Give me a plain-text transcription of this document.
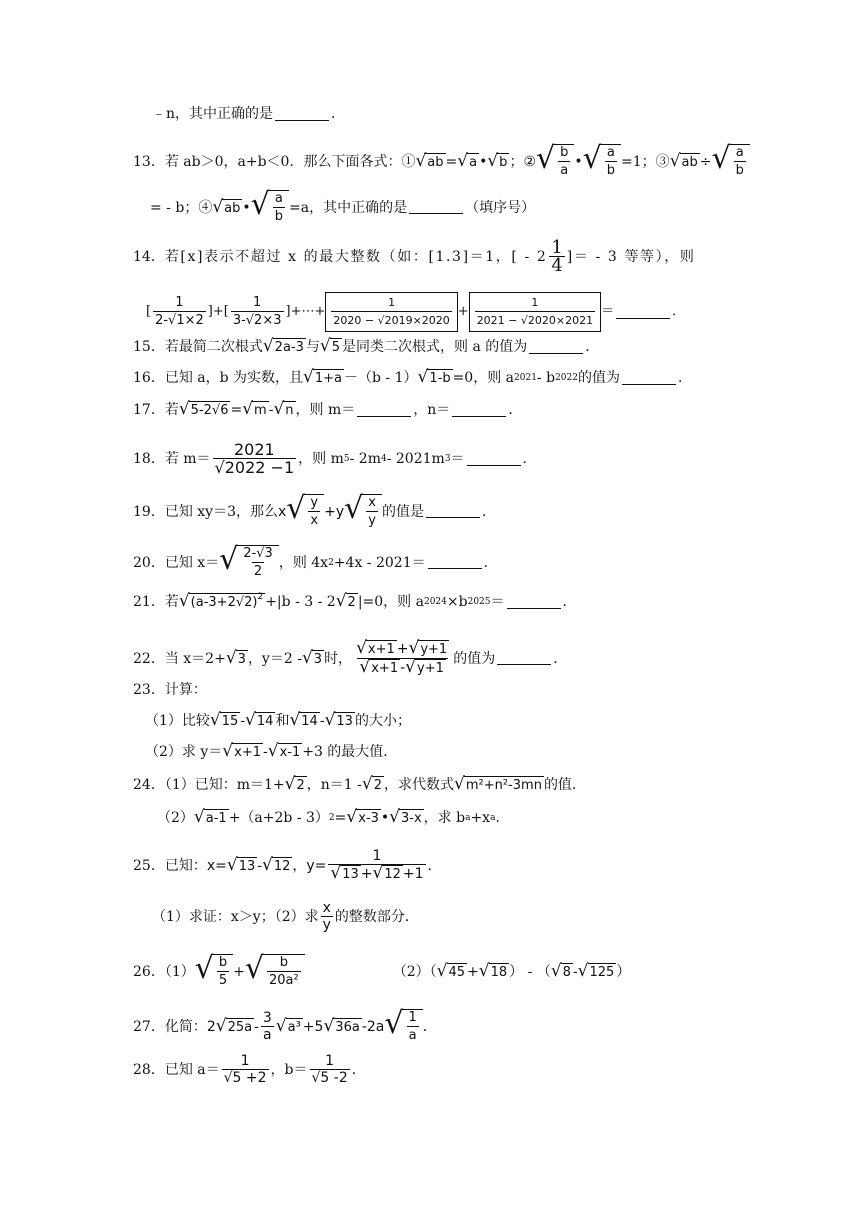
﹣n，其中正确的是	．
13． 若 ab＞0，a+b＜0．那么下面各式：① √ ab = √ a • √ b ； ② √ $\frac{b}{a}$ • √ $\frac{a}{b} =1$；③ √ ab ÷ √ $\frac{a}{b}$
= - b；④ √ ab • √ $\frac{a}{b} =a$，其中正确的是	（填序号）
14． 若[x]表示不超过 x 的最大整数（如：[1.3]＝1，[ - $2 \frac{1}{4}$ ]＝ - 3 等等），则
[ $\frac{1}{2-√1\times 2}$ ]+[ $\frac{1}{3-√2\times 3}$ ]+⋯+ $\frac{1}{2020 - √2019\times 2020} + \frac{1}{2021 - √2020\times 2021}$ ＝	．
15．若最简二次根式 √ 2a-3 与 √ 5 是同类二次根式，则 a 的值为	．
16．已知 a，b 为实数，且 √ 1+a －（b - 1） √ 1-b =0，则 a 2021 - b 2022 的值为	．
17．若 √ 5-2√6 = √ m - √ n ，则 m＝	，n＝	．
18．若 $m= \frac{2021}{√2022 -1}$ ，则 m 5 - 2m 4 - 2021m 3 ＝	．
19．已知 xy＝3，那么 x √ $\frac{y}{x} +y$ √ $\frac{x}{y}$ 的值是	．
20．已知 x＝ √ $\frac{2-√3}{2}$ ，则 4x 2 +4x - 2021＝	．
21．若 √ $(a-3+2√2)^2 +|b - 3 - 2$ √ 2 |=0，则 a 2024 ×b 2025 ＝	．
22．当 x＝2+ √ 3 ，y＝2 - √ 3 时， $\frac{√ x+1 + √ y+1}{√ x+1 - √ y+1}$ 的值为	．
23．计算：
（1）比较 √ 15 - √ 14 和 √ 14 - √ 13 的大小；
（2）求 y＝ √ x+1 - √ x-1 +3 的最大值．
24．（1）已知：m＝1+ √ 2 ，n＝1 - √ 2 ，求代数式 √ m²+n²-3mn 的值．
（2） √ a-1 +（a+2b - 3） 2 = √ x-3 • √ 3-x ，求 b a +x a ．
25．已知： x= √ 13 - √ 12 ， $y= \frac{1}{√ 13 + √ 12 +1}$ ．
（1）求证：x＞y；（2）求 $\frac{x}{y}$ 的整数部分．
26．（1） √ $\frac{b}{5}$ + √ $\frac{b}{\text{20a²}}$	（2）（ √ 45 + √ 18 ） - （ √ 8 - √ 125 ）
27．化简： 2 √ $25a - \frac{3}{a}$ √ a³ + 5 √ 36a -2a √ $\frac{1}{a}$ ．
28．已知 $a= \frac{1}{√5 +2}$ ，$b= \frac{1}{√5 -2}$ ．
